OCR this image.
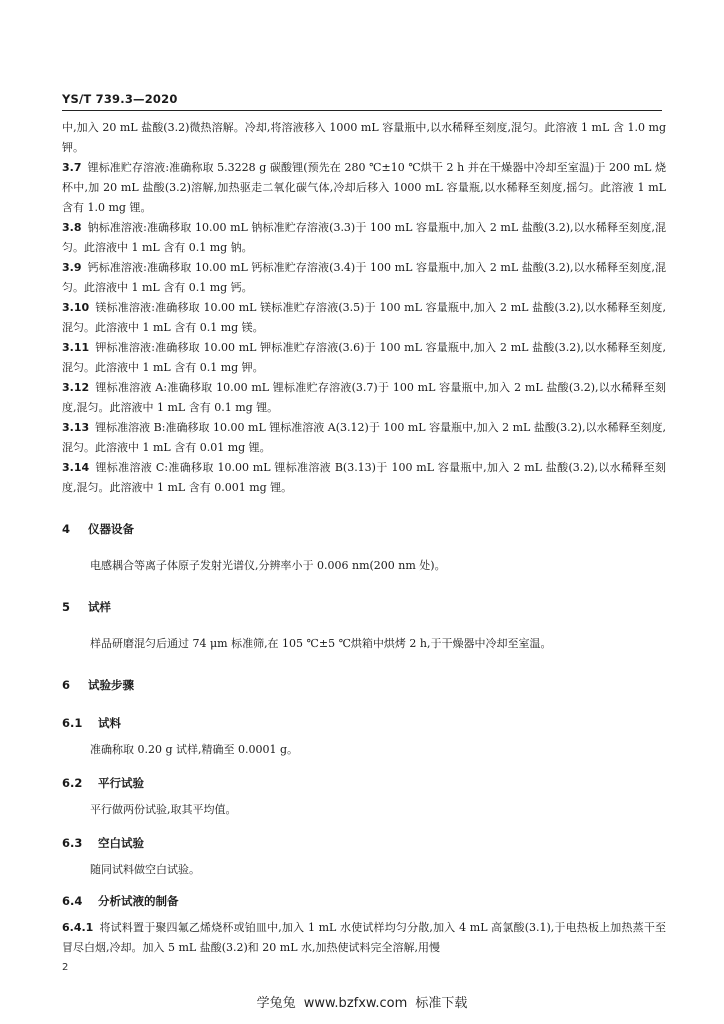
YS/T 739.3—2020
中,加入 20 mL 盐酸(3.2)微热溶解。冷却,将溶液移入 1000 mL 容量瓶中,以水稀释至刻度,混匀。此溶液 1 mL 含 1.0 mg 钾。
3.7 锂标准贮存溶液:准确称取 5.3228 g 碳酸锂(预先在 280 ℃±10 ℃烘干 2 h 并在干燥器中冷却至室温)于 200 mL 烧杯中,加 20 mL 盐酸(3.2)溶解,加热驱走二氧化碳气体,冷却后移入 1000 mL 容量瓶,以水稀释至刻度,摇匀。此溶液 1 mL 含有 1.0 mg 锂。
3.8 钠标准溶液:准确移取 10.00 mL 钠标准贮存溶液(3.3)于 100 mL 容量瓶中,加入 2 mL 盐酸(3.2),以水稀释至刻度,混匀。此溶液中 1 mL 含有 0.1 mg 钠。
3.9 钙标准溶液:准确移取 10.00 mL 钙标准贮存溶液(3.4)于 100 mL 容量瓶中,加入 2 mL 盐酸(3.2),以水稀释至刻度,混匀。此溶液中 1 mL 含有 0.1 mg 钙。
3.10 镁标准溶液:准确移取 10.00 mL 镁标准贮存溶液(3.5)于 100 mL 容量瓶中,加入 2 mL 盐酸(3.2),以水稀释至刻度,混匀。此溶液中 1 mL 含有 0.1 mg 镁。
3.11 钾标准溶液:准确移取 10.00 mL 钾标准贮存溶液(3.6)于 100 mL 容量瓶中,加入 2 mL 盐酸(3.2),以水稀释至刻度,混匀。此溶液中 1 mL 含有 0.1 mg 钾。
3.12 锂标准溶液 A:准确移取 10.00 mL 锂标准贮存溶液(3.7)于 100 mL 容量瓶中,加入 2 mL 盐酸(3.2),以水稀释至刻度,混匀。此溶液中 1 mL 含有 0.1 mg 锂。
3.13 锂标准溶液 B:准确移取 10.00 mL 锂标准溶液 A(3.12)于 100 mL 容量瓶中,加入 2 mL 盐酸(3.2),以水稀释至刻度,混匀。此溶液中 1 mL 含有 0.01 mg 锂。
3.14 锂标准溶液 C:准确移取 10.00 mL 锂标准溶液 B(3.13)于 100 mL 容量瓶中,加入 2 mL 盐酸(3.2),以水稀释至刻度,混匀。此溶液中 1 mL 含有 0.001 mg 锂。
4 仪器设备
电感耦合等离子体原子发射光谱仪,分辨率小于 0.006 nm(200 nm 处)。
5 试样
样品研磨混匀后通过 74 μm 标准筛,在 105 ℃±5 ℃烘箱中烘烤 2 h,于干燥器中冷却至室温。
6 试验步骤
6.1 试料
准确称取 0.20 g 试样,精确至 0.0001 g。
6.2 平行试验
平行做两份试验,取其平均值。
6.3 空白试验
随同试料做空白试验。
6.4 分析试液的制备
6.4.1 将试料置于聚四氟乙烯烧杯或铂皿中,加入 1 mL 水使试样均匀分散,加入 4 mL 高氯酸(3.1),于电热板上加热蒸干至冒尽白烟,冷却。加入 5 mL 盐酸(3.2)和 20 mL 水,加热使试料完全溶解,用慢
2
学兔兔 www.bzfxw.com 标准下载
